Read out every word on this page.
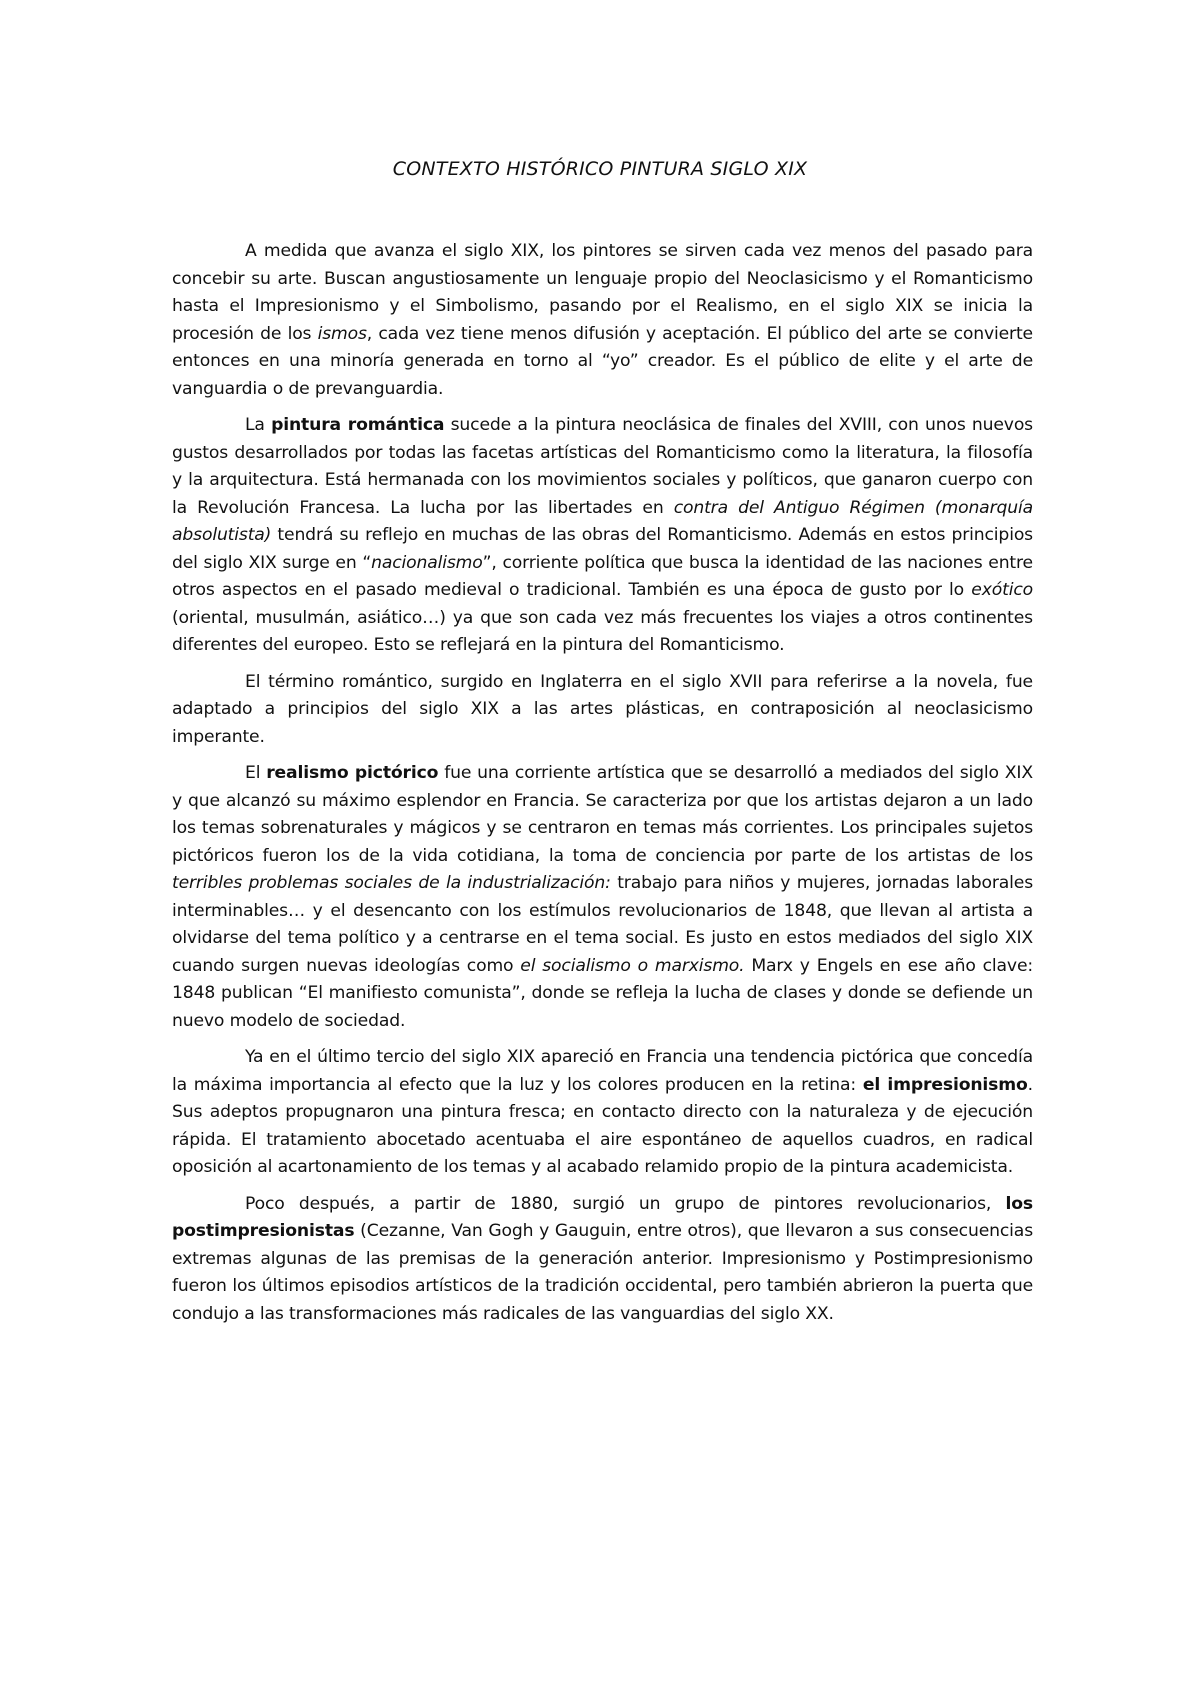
CONTEXTO HISTÓRICO PINTURA SIGLO XIX

A medida que avanza el siglo XIX, los pintores se sirven cada vez menos del pasado para concebir su arte. Buscan angustiosamente un lenguaje propio del Neoclasicismo y el Romanticismo hasta el Impresionismo y el Simbolismo, pasando por el Realismo, en el siglo XIX se inicia la procesión de los ismos, cada vez tiene menos difusión y aceptación. El público del arte se convierte entonces en una minoría generada en torno al “yo” creador. Es el público de elite y el arte de vanguardia o de prevanguardia.

La pintura romántica sucede a la pintura neoclásica de finales del XVIII, con unos nuevos gustos desarrollados por todas las facetas artísticas del Romanticismo como la literatura, la filosofía y la arquitectura. Está hermanada con los movimientos sociales y políticos, que ganaron cuerpo con la Revolución Francesa. La lucha por las libertades en contra del Antiguo Régimen (monarquía absolutista) tendrá su reflejo en muchas de las obras del Romanticismo. Además en estos principios del siglo XIX surge en “nacionalismo”, corriente política que busca la identidad de las naciones entre otros aspectos en el pasado medieval o tradicional. También es una época de gusto por lo exótico (oriental, musulmán, asiático…) ya que son cada vez más frecuentes los viajes a otros continentes diferentes del europeo. Esto se reflejará en la pintura del Romanticismo.

El término romántico, surgido en Inglaterra en el siglo XVII para referirse a la novela, fue adaptado a principios del siglo XIX a las artes plásticas, en contraposición al neoclasicismo imperante.

El realismo pictórico fue una corriente artística que se desarrolló a mediados del siglo XIX y que alcanzó su máximo esplendor en Francia. Se caracteriza por que los artistas dejaron a un lado los temas sobrenaturales y mágicos y se centraron en temas más corrientes. Los principales sujetos pictóricos fueron los de la vida cotidiana, la toma de conciencia por parte de los artistas de los terribles problemas sociales de la industrialización: trabajo para niños y mujeres, jornadas laborales interminables… y el desencanto con los estímulos revolucionarios de 1848, que llevan al artista a olvidarse del tema político y a centrarse en el tema social. Es justo en estos mediados del siglo XIX cuando surgen nuevas ideologías como el socialismo o marxismo. Marx y Engels en ese año clave: 1848 publican “El manifiesto comunista”, donde se refleja la lucha de clases y donde se defiende un nuevo modelo de sociedad.

Ya en el último tercio del siglo XIX apareció en Francia una tendencia pictórica que concedía la máxima importancia al efecto que la luz y los colores producen en la retina: el impresionismo. Sus adeptos propugnaron una pintura fresca; en contacto directo con la naturaleza y de ejecución rápida. El tratamiento abocetado acentuaba el aire espontáneo de aquellos cuadros, en radical oposición al acartonamiento de los temas y al acabado relamido propio de la pintura academicista.

Poco después, a partir de 1880, surgió un grupo de pintores revolucionarios, los postimpresionistas (Cezanne, Van Gogh y Gauguin, entre otros), que llevaron a sus consecuencias extremas algunas de las premisas de la generación anterior. Impresionismo y Postimpresionismo fueron los últimos episodios artísticos de la tradición occidental, pero también abrieron la puerta que condujo a las transformaciones más radicales de las vanguardias del siglo XX.
